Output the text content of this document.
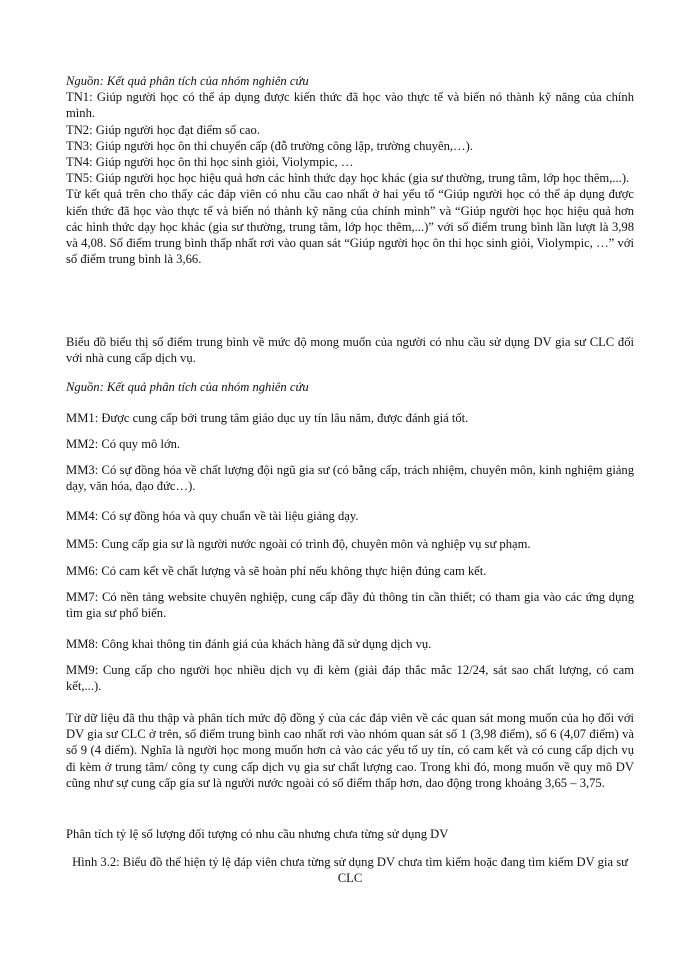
Nguồn: Kết quả phân tích của nhóm nghiên cứu

TN1: Giúp người học có thể áp dụng được kiến thức đã học vào thực tế và biến nó thành kỹ năng của chính mình.

TN2: Giúp người học đạt điểm số cao.

TN3: Giúp người học ôn thi chuyển cấp (đỗ trường công lập, trường chuyên,…).

TN4: Giúp người học ôn thi học sinh giỏi, Violympic, …

TN5: Giúp người học học hiệu quả hơn các hình thức dạy học khác (gia sư thường, trung tâm, lớp học thêm,...).

Từ kết quả trên cho thấy các đáp viên có nhu cầu cao nhất ở hai yếu tố “Giúp người học có thể áp dụng được kiến thức đã học vào thực tế và biến nó thành kỹ năng của chính mình” và “Giúp người học học hiệu quả hơn các hình thức dạy học khác (gia sư thường, trung tâm, lớp học thêm,...)” với số điểm trung bình lần lượt là 3,98 và 4,08. Số điểm trung bình thấp nhất rơi vào quan sát “Giúp người học ôn thi học sinh giỏi, Violympic, …” với số điểm trung bình là 3,66.

Biểu đồ biểu thị số điểm trung bình về mức độ mong muốn của người có nhu cầu sử dụng DV gia sư CLC đối với nhà cung cấp dịch vụ.

Nguồn: Kết quả phân tích của nhóm nghiên cứu

MM1: Được cung cấp bởi trung tâm giáo dục uy tín lâu năm, được đánh giá tốt.

MM2: Có quy mô lớn.

MM3: Có sự đồng hóa về chất lượng đội ngũ gia sư (có bằng cấp, trách nhiệm, chuyên môn, kinh nghiệm giảng dạy, văn hóa, đạo đức…).

MM4: Có sự đồng hóa và quy chuẩn về tài liệu giảng dạy.

MM5: Cung cấp gia sư là người nước ngoài có trình độ, chuyên môn và nghiệp vụ sư phạm.

MM6: Có cam kết về chất lượng và sẽ hoàn phí nếu không thực hiện đúng cam kết.

MM7: Có nền tảng website chuyên nghiệp, cung cấp đầy đủ thông tin cần thiết; có tham gia vào các ứng dụng tìm gia sư phổ biến.

MM8: Công khai thông tin đánh giá của khách hàng đã sử dụng dịch vụ.

MM9: Cung cấp cho người học nhiều dịch vụ đi kèm (giải đáp thắc mắc 12/24, sát sao chất lượng, có cam kết,...).

Từ dữ liệu đã thu thập và phân tích mức độ đồng ý của các đáp viên về các quan sát mong muốn của họ đối với DV gia sư CLC ở trên, số điểm trung bình cao nhất rơi vào nhóm quan sát số 1 (3,98 điểm), số 6 (4,07 điểm) và số 9 (4 điểm). Nghĩa là người học mong muốn hơn cả vào các yếu tố uy tín, có cam kết và có cung cấp dịch vụ đi kèm ở trung tâm/ công ty cung cấp dịch vụ gia sư chất lượng cao. Trong khi đó, mong muốn về quy mô DV cũng như sự cung cấp gia sư là người nước ngoài có số điểm thấp hơn, dao động trong khoảng 3,65 – 3,75.

Phân tích tỷ lệ số lượng đối tượng có nhu cầu nhưng chưa từng sử dụng DV

Hình 3.2: Biểu đồ thể hiện tỷ lệ đáp viên chưa từng sử dụng DV chưa tìm kiếm hoặc đang tìm kiếm DV gia sư CLC
